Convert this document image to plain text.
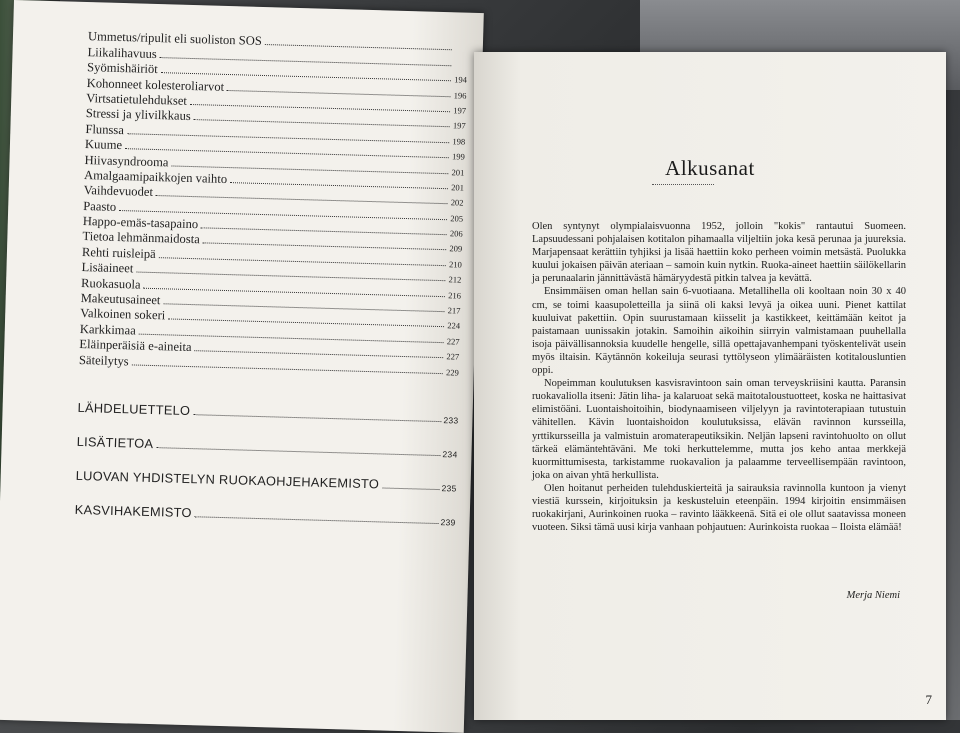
Ummetus/ripulit eli suoliston SOS
Liikalihavuus
Syömishäiriöt
194
Kohonneet kolesteroliarvot
196
Virtsatietulehdukset
197
Stressi ja ylivilkkaus
197
Flunssa
198
Kuume
199
Hiivasyndrooma
201
Amalgaamipaikkojen vaihto
201
Vaihdevuodet
202
Paasto
205
Happo-emäs-tasapaino
206
Tietoa lehmänmaidosta
209
Rehti ruisleipä
210
Lisäaineet
212
Ruokasuola
216
Makeutusaineet
217
Valkoinen sokeri
224
Karkkimaa
227
Eläinperäisiä e-aineita
227
Säteilytys
229
LÄHDELUETTELO
233
LISÄTIETOA
234
LUOVAN YHDISTELYN RUOKAOHJEHAKEMISTO	235
KASVIHAKEMISTO
239
Alkusanat

Olen syntynyt olympialaisvuonna 1952, jolloin "kokis" rantautui Suomeen. Lapsuudessani pohjalaisen kotitalon pihamaalla viljeltiin joka kesä perunaa ja juureksia. Marjapensaat kerättiin tyhjiksi ja lisää haettiin koko perheen voimin metsästä. Puolukka kuului jokaisen päivän ateriaan – samoin kuin nytkin. Ruoka-aineet haettiin säilökellarin ja perunaalarin jännittävästä hämäryydestä pitkin talvea ja kevättä.

Ensimmäisen oman hellan sain 6-vuotiaana. Metallihella oli kooltaan noin 30 x 40 cm, se toimi kaasupoletteilla ja siinä oli kaksi levyä ja oikea uuni. Pienet kattilat kuuluivat pakettiin. Opin suurustamaan kiisselit ja kastikkeet, keittämään keitot ja paistamaan uunissakin jotakin. Samoihin aikoihin siirryin valmistamaan puuhellalla isoja päivällisannoksia kuudelle hengelle, sillä opettajavanhempani työskentelivät usein myös iltaisin. Käytännön kokeiluja seurasi tyttölyseon ylimääräisten kotitalousluntien oppi.

Nopeimman koulutuksen kasvisravintoon sain oman terveyskriisini kautta. Paransin ruokavaliolla itseni: Jätin liha- ja kalaruoat sekä maitotaloustuotteet, koska ne haittasivat elimistöäni. Luontaishoitoihin, biodynaamiseen viljelyyn ja ravintoterapiaan tutustuin vähitellen. Kävin luontaishoidon koulutuksissa, elävän ravinnon kursseilla, yrttikursseilla ja valmistuin aromaterapeutiksikin. Neljän lapseni ravintohuolto on ollut tärkeä elämäntehtäväni. Me toki herkuttelemme, mutta jos keho antaa merkkejä kuormittumisesta, tarkistamme ruokavalion ja palaamme terveellisempään ravintoon, joka on aivan yhtä herkullista.

Olen hoitanut perheiden tulehduskierteitä ja sairauksia ravinnolla kuntoon ja vienyt viestiä kurssein, kirjoituksin ja keskusteluin eteenpäin. 1994 kirjoitin ensimmäisen ruokakirjani, Aurinkoinen ruoka – ravinto lääkkeenä. Sitä ei ole ollut saatavissa moneen vuoteen. Siksi tämä uusi kirja vanhaan pohjautuen: Aurinkoista ruokaa – Iloista elämää!

Merja Niemi
7
